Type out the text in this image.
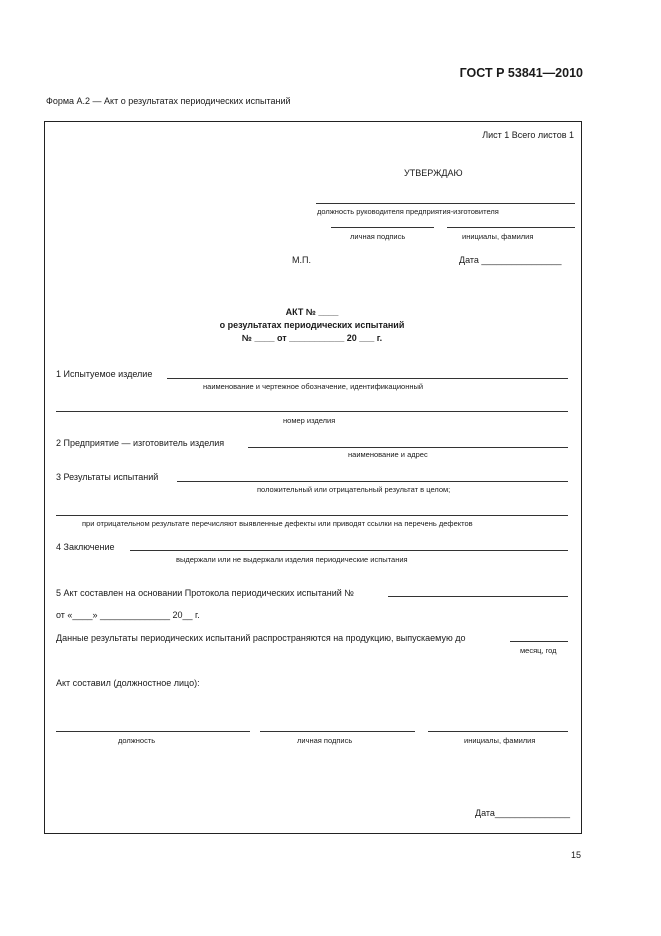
ГОСТ Р 53841—2010
Форма А.2 — Акт о результатах периодических испытаний
Лист 1 Всего листов 1
УТВЕРЖДАЮ
должность руководителя предприятия-изготовителя
личная подпись	инициалы, фамилия
М.П.	Дата ________________
АКТ № ____
о результатах периодических испытаний
№ ____ от ___________ 20 ___ г.
1 Испытуемое изделие
наименование и чертежное обозначение, идентификационный
номер изделия
2 Предприятие — изготовитель изделия
наименование и адрес
3 Результаты испытаний
положительный или отрицательный результат в целом;
при отрицательном результате перечисляют выявленные дефекты или приводят ссылки на перечень дефектов
4 Заключение
выдержали или не выдержали изделия периодические испытания
5 Акт составлен на основании Протокола периодических испытаний №
от «____» ______________ 20__ г.
Данные результаты периодических испытаний распространяются на продукцию, выпускаемую до
месяц, год
Акт составил (должностное лицо):
должность	личная подпись	инициалы, фамилия
Дата_______________
15
